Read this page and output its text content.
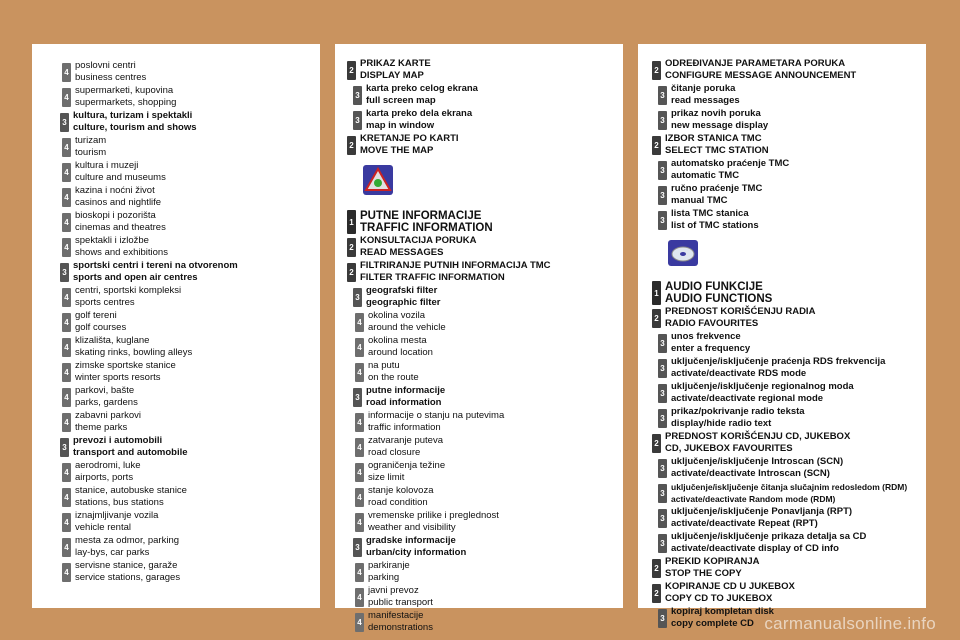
4
poslovni centri
business centres
4
supermarketi, kupovina
supermarkets, shopping
3
kultura, turizam i spektakli
culture, tourism and shows
4
turizam
tourism
4
kultura i muzeji
culture and museums
4
kazina i noćni život
casinos and nightlife
4
bioskopi i pozorišta
cinemas and theatres
4
spektakli i izložbe
shows and exhibitions
3
sportski centri i tereni na otvorenom
sports and open air centres
4
centri, sportski kompleksi
sports centres
4
golf tereni
golf courses
4
klizališta, kuglane
skating rinks, bowling alleys
4
zimske sportske stanice
winter sports resorts
4
parkovi, bašte
parks, gardens
4
zabavni parkovi
theme parks
3
prevozi i automobili
transport and automobile
4
aerodromi, luke
airports, ports
4
stanice, autobuske stanice
stations, bus stations
4
iznajmljivanje vozila
vehicle rental
4
mesta za odmor, parking
lay-bys, car parks
4
servisne stanice, garaže
service stations, garages
2
PRIKAZ KARTE
DISPLAY MAP
3
karta preko celog ekrana
full screen map
3
karta preko dela ekrana
map in window
2
KRETANJE PO KARTI
MOVE THE MAP
1 PUTNE INFORMACIJE
TRAFFIC INFORMATION
2
KONSULTACIJA PORUKA
READ MESSAGES
2
FILTRIRANJE PUTNIH INFORMACIJA TMC
FILTER TRAFFIC INFORMATION
3
geografski filter
geographic filter
4
okolina vozila
around the vehicle
4
okolina mesta
around location
4
na putu
on the route
3
putne informacije
road information
4
informacije o stanju na putevima
traffic information
4
zatvaranje puteva
road closure
4
ograničenja težine
size limit
4
stanje kolovoza
road condition
4
vremenske prilike i preglednost
weather and visibility
3
gradske informacije
urban/city information
4
parkiranje
parking
4
javni prevoz
public transport
4
manifestacije
demonstrations
2
ODREĐIVANJE PARAMETARA PORUKA
CONFIGURE MESSAGE ANNOUNCEMENT
3
čitanje poruka
read messages
3
prikaz novih poruka
new message display
2
IZBOR STANICA TMC
SELECT TMC STATION
3
automatsko praćenje TMC
automatic TMC
3
ručno praćenje TMC
manual TMC
3
lista TMC stanica
list of TMC stations
1 AUDIO FUNKCIJE
AUDIO FUNCTIONS
2
PREDNOST KORIŠĆENJU RADIA
RADIO FAVOURITES
3
unos frekvence
enter a frequency
3
uključenje/isključenje praćenja RDS frekvencija
activate/deactivate RDS mode
3
uključenje/isključenje regionalnog moda
activate/deactivate regional mode
3
prikaz/pokrivanje radio teksta
display/hide radio text
2
PREDNOST KORIŠĆENJU CD, JUKEBOX
CD, JUKEBOX FAVOURITES
3
uključenje/isključenje Introscan (SCN)
activate/deactivate Introscan (SCN)
3
uključenje/isključenje čitanja slučajnim redosledom (RDM)
activate/deactivate Random mode (RDM)
3
uključenje/isključenje Ponavljanja (RPT)
activate/deactivate Repeat (RPT)
3
uključenje/isključenje prikaza detalja sa CD
activate/deactivate display of CD info
2
PREKID KOPIRANJA
STOP THE COPY
2
KOPIRANJE CD U JUKEBOX
COPY CD TO JUKEBOX
3
kopiraj kompletan disk
copy complete CD carmanualsonline.info
